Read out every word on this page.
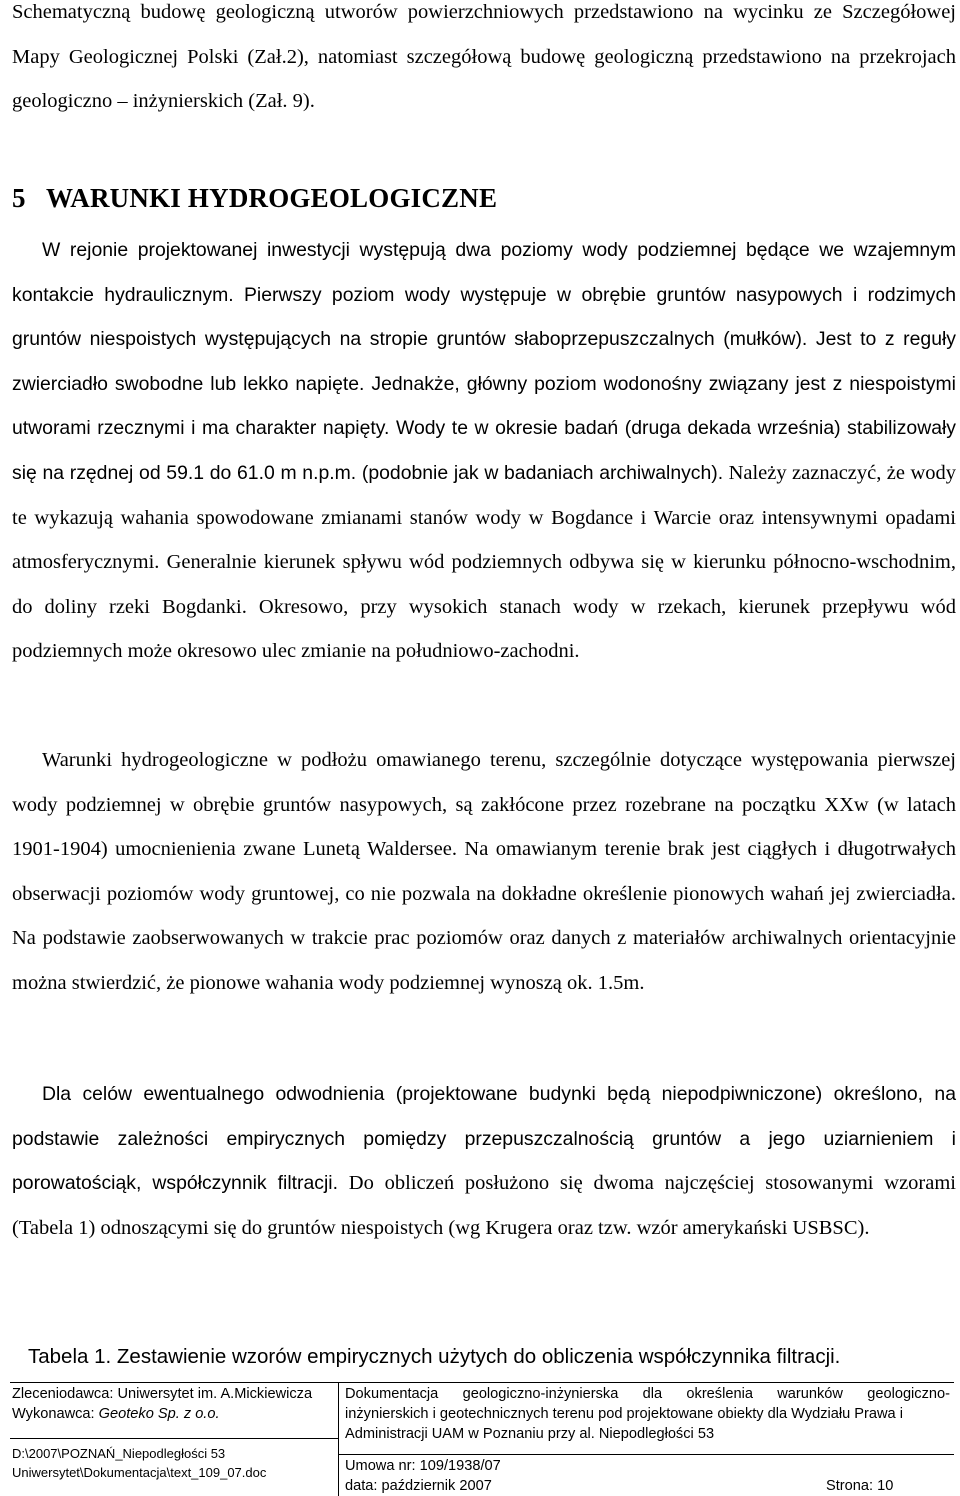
Schematyczną budowę geologiczną utworów powierzchniowych przedstawiono na wycinku ze Szczegółowej Mapy Geologicznej Polski (Zał.2), natomiast szczegółową budowę geologiczną przedstawiono na przekrojach geologiczno – inżynierskich (Zał. 9).

5   WARUNKI HYDROGEOLOGICZNE

W rejonie projektowanej inwestycji występują dwa poziomy wody podziemnej będące we wzajemnym kontakcie hydraulicznym. Pierwszy poziom wody występuje w obrębie gruntów nasypowych i rodzimych gruntów niespoistych występujących na stropie gruntów słaboprzepuszczalnych (mułków). Jest to z reguły zwierciadło swobodne lub lekko napięte. Jednakże, główny poziom wodonośny związany jest z niespoistymi utworami rzecznymi i ma charakter napięty. Wody te w okresie badań (druga dekada września) stabilizowały się na rzędnej od 59.1 do 61.0 m n.p.m. (podobnie jak w badaniach archiwalnych). Należy zaznaczyć, że wody te wykazują wahania spowodowane zmianami stanów wody w Bogdance i Warcie oraz intensywnymi opadami atmosferycznymi. Generalnie kierunek spływu wód podziemnych odbywa się w kierunku północno-wschodnim, do doliny rzeki Bogdanki. Okresowo, przy wysokich stanach wody w rzekach, kierunek przepływu wód podziemnych może okresowo ulec zmianie na południowo-zachodni.

Warunki hydrogeologiczne w podłożu omawianego terenu, szczególnie dotyczące występowania pierwszej wody podziemnej w obrębie gruntów nasypowych, są zakłócone przez rozebrane na początku XXw (w latach 1901-1904) umocnienienia zwane Lunetą Waldersee. Na omawianym terenie brak jest ciągłych i długotrwałych obserwacji poziomów wody gruntowej, co nie pozwala na dokładne określenie pionowych wahań jej zwierciadła. Na podstawie zaobserwowanych w trakcie prac poziomów oraz danych z materiałów archiwalnych orientacyjnie można stwierdzić, że pionowe wahania wody podziemnej wynoszą ok. 1.5m.

Dla celów ewentualnego odwodnienia (projektowane budynki będą niepodpiwniczone) określono, na podstawie zależności empirycznych pomiędzy przepuszczalnością gruntów a jego uziarnieniem i porowatościąk, współczynnik filtracji. Do obliczeń posłużono się dwoma najczęściej stosowanymi wzorami (Tabela 1) odnoszącymi się do gruntów niespoistych (wg Krugera oraz tzw. wzór amerykański USBSC).

Tabela 1. Zestawienie wzorów empirycznych użytych do obliczenia współczynnika filtracji.

Zleceniodawca: Uniwersytet im. A.Mickiewicza
Wykonawca: Geoteko Sp. z o.o.
D:\2007\POZNAŃ_Niepodległości 53
Uniwersytet\Dokumentacja\text_109_07.doc
Dokumentacja geologiczno-inżynierska dla określenia warunków geologiczno-
inżynierskich i geotechnicznych terenu pod projektowane obiekty dla Wydziału Prawa i
Administracji UAM w Poznaniu przy al. Niepodległości 53
Umowa nr: 109/1938/07
data: październik 2007	Strona: 10
